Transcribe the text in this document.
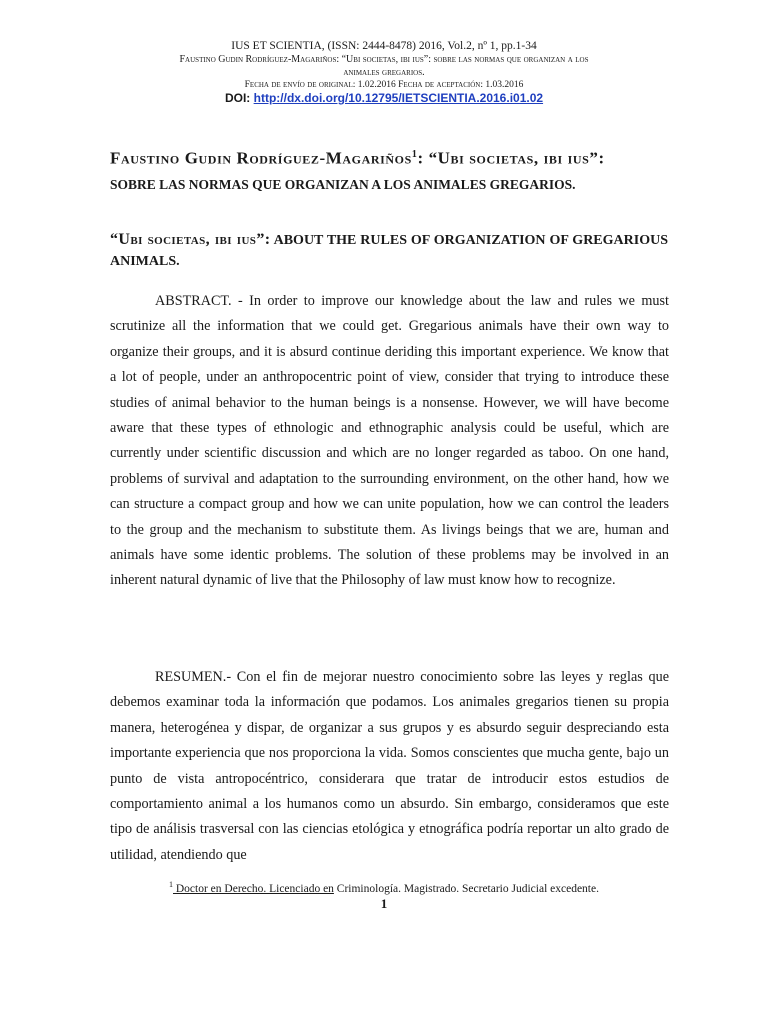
IUS ET SCIENTIA, (ISSN: 2444-8478) 2016, Vol.2, nº 1, pp.1-34
Faustino Gudin Rodríguez-Magariños: “Ubi societas, ibi ius”: sobre las normas que organizan a los
animales gregarios.
Fecha de envío de original: 1.02.2016 Fecha de aceptación: 1.03.2016
DOI: http://dx.doi.org/10.12795/IETSCIENTIA.2016.i01.02
Faustino Gudin Rodríguez-Magariños$^1$: “Ubi societas, ibi ius”:
SOBRE LAS NORMAS QUE ORGANIZAN A LOS ANIMALES GREGARIOS.
“Ubi societas, ibi ius”: ABOUT THE RULES OF ORGANIZATION OF GREGARIOUS ANIMALS.

ABSTRACT. - In order to improve our knowledge about the law and rules we must scrutinize all the information that we could get. Gregarious animals have their own way to organize their groups, and it is absurd continue deriding this important experience. We know that a lot of people, under an anthropocentric point of view, consider that trying to introduce these studies of animal behavior to the human beings is a nonsense. However, we will have become aware that these types of ethnologic and ethnographic analysis could be useful, which are currently under scientific discussion and which are no longer regarded as taboo. On one hand, problems of survival and adaptation to the surrounding environment, on the other hand, how we can structure a compact group and how we can unite population, how we can control the leaders to the group and the mechanism to substitute them. As livings beings that we are, human and animals have some identic problems. The solution of these problems may be involved in an inherent natural dynamic of live that the Philosophy of law must know how to recognize.

RESUMEN.- Con el fin de mejorar nuestro conocimiento sobre las leyes y reglas que debemos examinar toda la información que podamos. Los animales gregarios tienen su propia manera, heterogénea y dispar, de organizar a sus grupos y es absurdo seguir despreciando esta importante experiencia que nos proporciona la vida. Somos conscientes que mucha gente, bajo un punto de vista antropocéntrico, considerara que tratar de introducir estos estudios de comportamiento animal a los humanos como un absurdo. Sin embargo, consideramos que este tipo de análisis trasversal con las ciencias etológica y etnográfica podría reportar un alto grado de utilidad, atendiendo que

$^1$ Doctor en Derecho. Licenciado en Criminología. Magistrado. Secretario Judicial excedente.
1
